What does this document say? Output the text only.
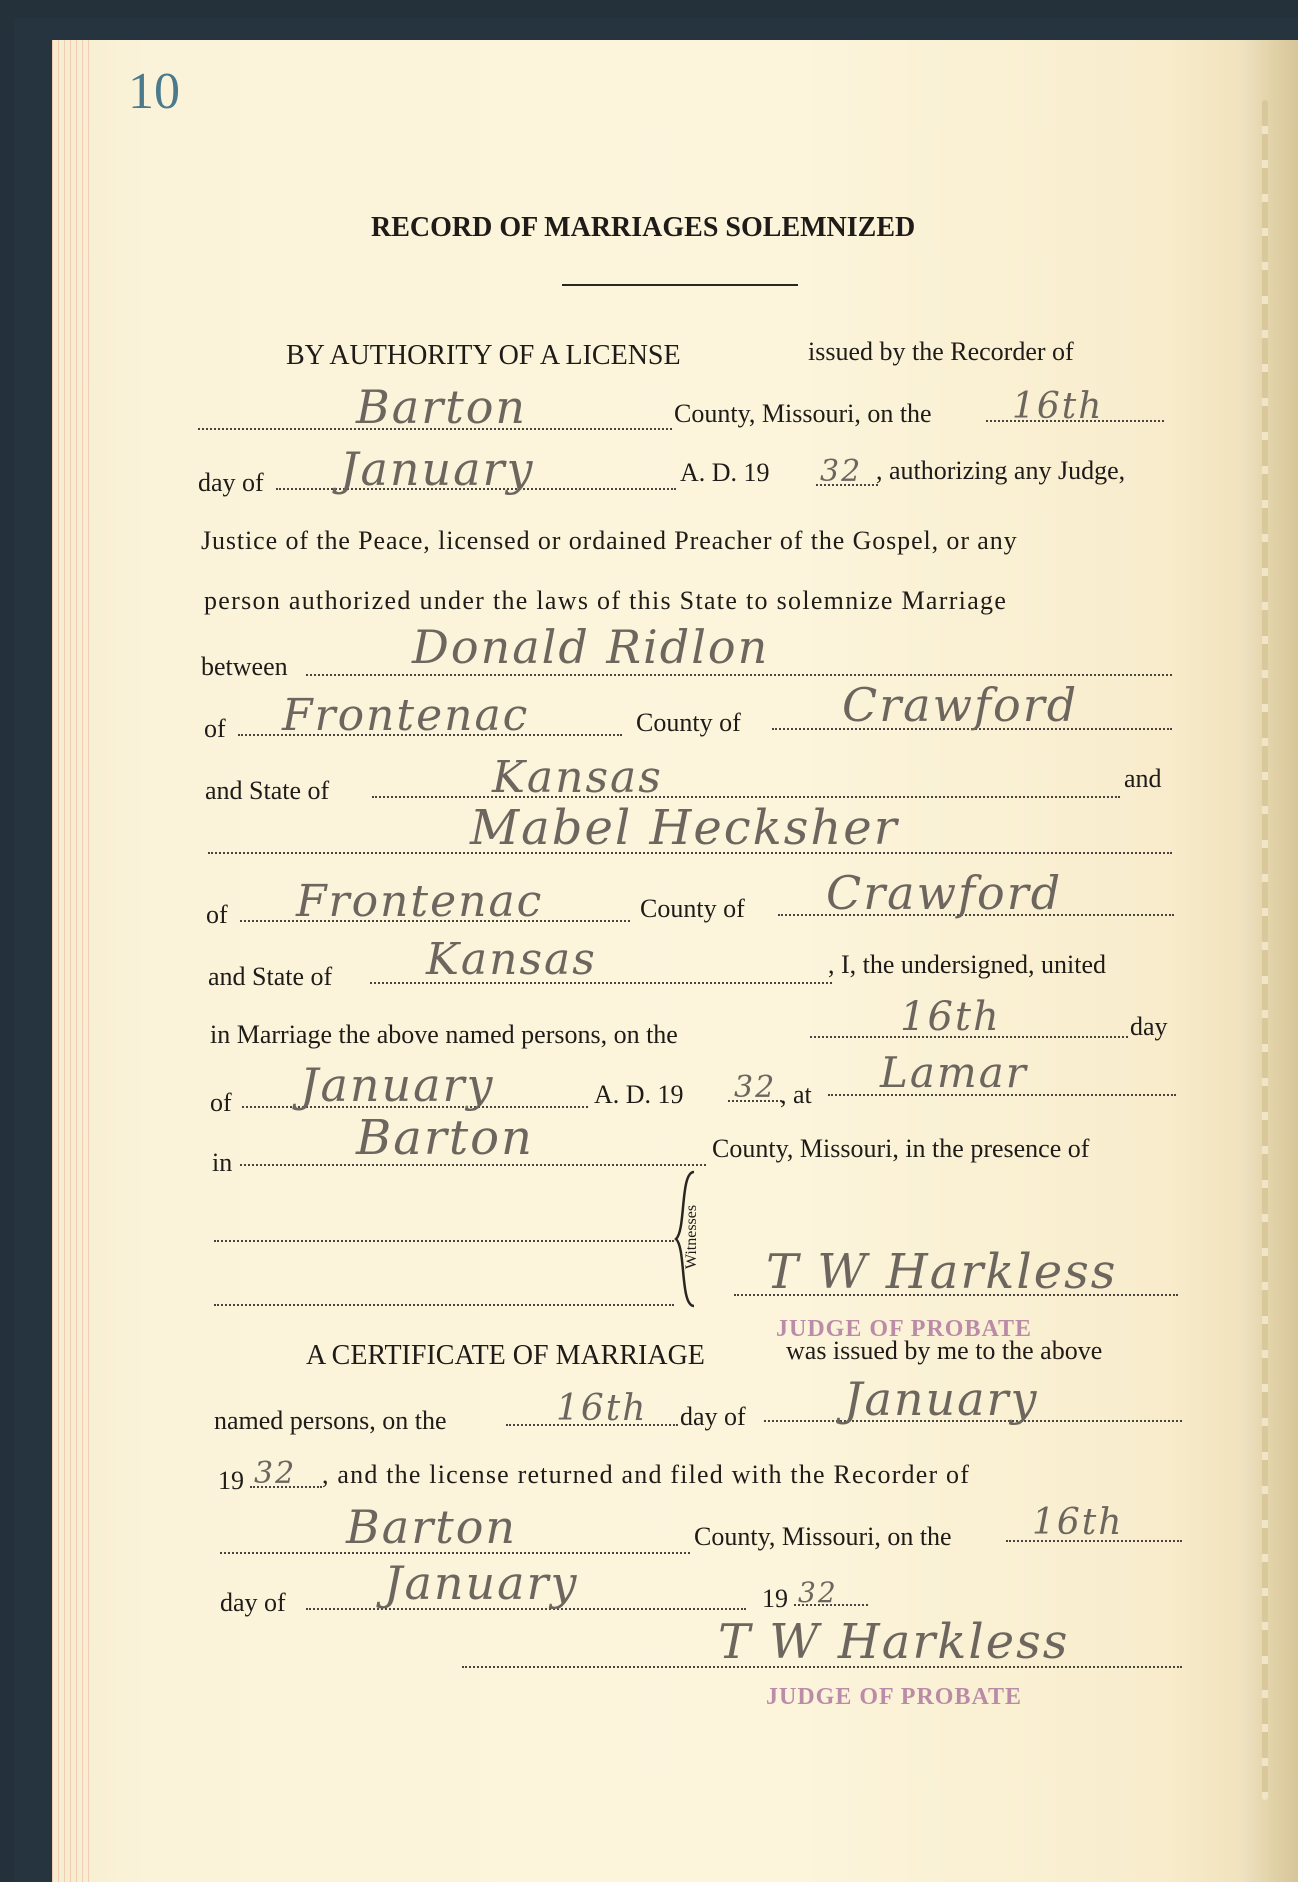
10
RECORD OF MARRIAGES SOLEMNIZED
BY AUTHORITY OF A LICENSE	issued by the Recorder of
Barton	County, Missouri, on the 16th
day of January	A. D. 19 32 , authorizing any Judge,
Justice of the Peace, licensed or ordained Preacher of the Gospel, or any
person authorized under the laws of this State to solemnize Marriage
between	Donald Ridlon
of Frontenac	County of Crawford
and State of	Kansas	and
Mabel Hecksher
of Frontenac	County of Crawford
and State of Kansas	, I, the undersigned, united
in Marriage the above named persons, on the	16th	day
of January	A. D. 19 32 , at Lamar
in	Barton	County, Missouri, in the presence of
Witnesses
T W Harkless
JUDGE OF PROBATE
A CERTIFICATE OF MARRIAGE	was issued by me to the above
named persons, on the	16th day of January
19 32 , and the license returned and filed with the Recorder of
Barton	County, Missouri, on the 16th
day of January	19 32
T W Harkless
JUDGE OF PROBATE
